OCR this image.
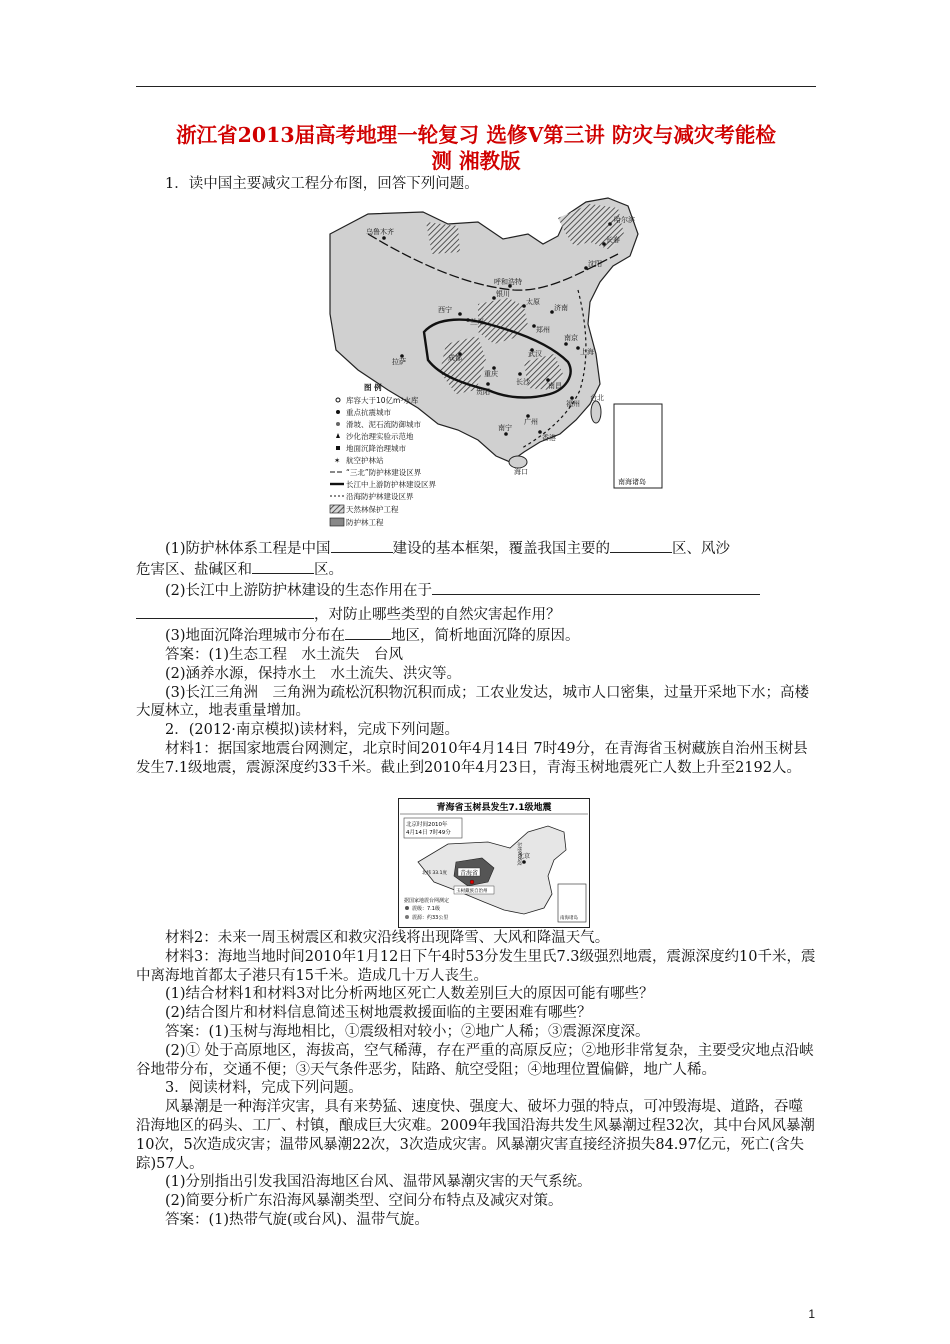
浙江省2013届高考地理一轮复习 选修Ⅴ第三讲 防灾与减灾考能检
测 湘教版

1．读中国主要减灾工程分布图，回答下列问题。

南海诸岛
乌鲁木齐
哈尔滨
长春
沈阳
呼和浩特
银川
西宁
兰州
太原
济南
郑州
上海
南京
武汉
成都
拉萨
重庆
长沙
贵阳
南昌
福州
台北
广州
南宁
香港
海口
图 例
库容大于10亿m³水库
重点抗震城市
滑坡、泥石流防御城市
沙化治理实验示范地
地面沉降治理城市
✶ 航空护林站
“三北”防护林建设区界
长江中上游防护林建设区界
沿海防护林建设区界
天然林保护工程
防护林工程

(1)防护林体系工程是中国	建设的基本框架，覆盖我国主要的	区、风沙

危害区、盐碱区和	区。

(2)长江中上游防护林建设的生态作用在于

，对防止哪些类型的自然灾害起作用？

(3)地面沉降治理城市分布在	地区，简析地面沉降的原因。

答案：(1)生态工程　水土流失　台风

(2)涵养水源，保持水土　水土流失、洪灾等。

(3)长江三角洲　三角洲为疏松沉积物沉积而成；工农业发达，城市人口密集，过量开采地下水；高楼大厦林立，地表重量增加。

2．(2012·南京模拟)读材料，完成下列问题。

材料1：据国家地震台网测定，北京时间2010年4月14日 7时49分，在青海省玉树藏族自治州玉树县发生7.1级地震，震源深度约33千米。截止到2010年4月23日，青海玉树地震死亡人数上升至2192人。

青海省玉树县发生7.1级地震
北京时间2010年
4月14日 7时49分
青海省
北京
北纬 33.1度
东经96.6度
玉树藏族自治州
据国家地震台网测定
震级：7.1级
震源：约33公里	南海诸岛

材料2：未来一周玉树震区和救灾沿线将出现降雪、大风和降温天气。

材料3：海地当地时间2010年1月12日下午4时53分发生里氏7.3级强烈地震，震源深度约10千米，震中离海地首都太子港只有15千米。造成几十万人丧生。

(1)结合材料1和材料3对比分析两地区死亡人数差别巨大的原因可能有哪些？

(2)结合图片和材料信息简述玉树地震救援面临的主要困难有哪些？

答案：(1)玉树与海地相比，①震级相对较小；②地广人稀；③震源深度深。

(2)① 处于高原地区，海拔高，空气稀薄，存在严重的高原反应；②地形非常复杂，主要受灾地点沿峡谷地带分布，交通不便；③天气条件恶劣，陆路、航空受阻；④地理位置偏僻，地广人稀。

3．阅读材料，完成下列问题。

风暴潮是一种海洋灾害，具有来势猛、速度快、强度大、破坏力强的特点，可冲毁海堤、道路，吞噬沿海地区的码头、工厂、村镇，酿成巨大灾难。2009年我国沿海共发生风暴潮过程32次，其中台风风暴潮10次，5次造成灾害；温带风暴潮22次，3次造成灾害。风暴潮灾害直接经济损失84.97亿元，死亡(含失踪)57人。

(1)分别指出引发我国沿海地区台风、温带风暴潮灾害的天气系统。

(2)简要分析广东沿海风暴潮类型、空间分布特点及减灾对策。

答案：(1)热带气旋(或台风)、温带气旋。

1
